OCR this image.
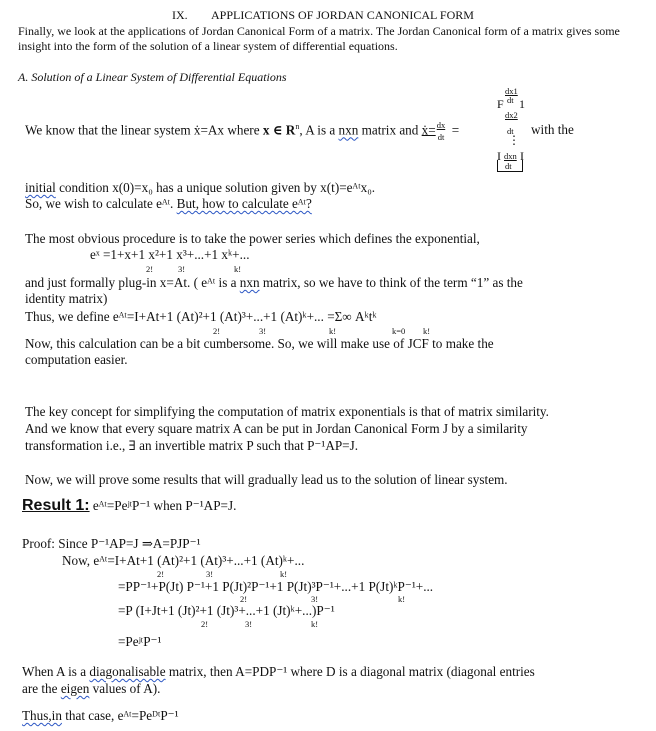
IX. APPLICATIONS OF JORDAN CANONICAL FORM
Finally, we look at the applications of Jordan Canonical Form of a matrix. The Jordan Canonical form of a matrix gives some
insight into the form of the solution of a linear system of differential equations.
A. Solution of a Linear System of Differential Equations
dx1
dt
F 1
dx2
dt
⋮
I dxn I
dt
We know that the linear system ẋ=Ax where x ∈ $R^n$, A is a nxn matrix and ẋ= $\frac{dx}{dt}$ =	with the
initial condition x(0)=x₀ has a unique solution given by x(t)=eᴬᵗx₀.
So, we wish to calculate eᴬᵗ. But, how to calculate eᴬᵗ?
The most obvious procedure is to take the power series which defines the exponential,
eˣ =1+x+1 x²+1 x³+...+1 xᵏ+...
2!	3!	k!
and just formally plug-in x=At. ( eᴬᵗ is a nxn matrix, so we have to think of the term “1” as the
identity matrix)
Thus, we define eᴬᵗ=I+At+1 (At)²+1 (At)³+...+1 (At)ᵏ+... =Σ∞ Aᵏtᵏ
2!	3!	k!	k=0 k!
Now, this calculation can be a bit cumbersome. So, we will make use of JCF to make the
computation easier.
The key concept for simplifying the computation of matrix exponentials is that of matrix similarity.
And we know that every square matrix A can be put in Jordan Canonical Form J by a similarity
transformation i.e., ∃ an invertible matrix P such that P⁻¹AP=J.
Now, we will prove some results that will gradually lead us to the solution of linear system.
Result 1: eᴬᵗ=PeʲᵗP⁻¹ when P⁻¹AP=J.
Proof: Since P⁻¹AP=J ⇒A=PJP⁻¹
Now, eᴬᵗ=I+At+1 (At)²+1 (At)³+...+1 (At)ᵏ+...
2!	3!	k!
=PP⁻¹+P(Jt) P⁻¹+1 P(Jt)²P⁻¹+1 P(Jt)³P⁻¹+...+1 P(Jt)ᵏP⁻¹+...
2!	3!	k!
=P (I+Jt+1 (Jt)²+1 (Jt)³+...+1 (Jt)ᵏ+...)P⁻¹
2!	3!	k!
=PeʲᵗP⁻¹
When A is a diagonalisable matrix, then A=PDP⁻¹ where D is a diagonal matrix (diagonal entries
are the eigen values of A).
Thus,in that case, eᴬᵗ=PeᴰᵗP⁻¹
